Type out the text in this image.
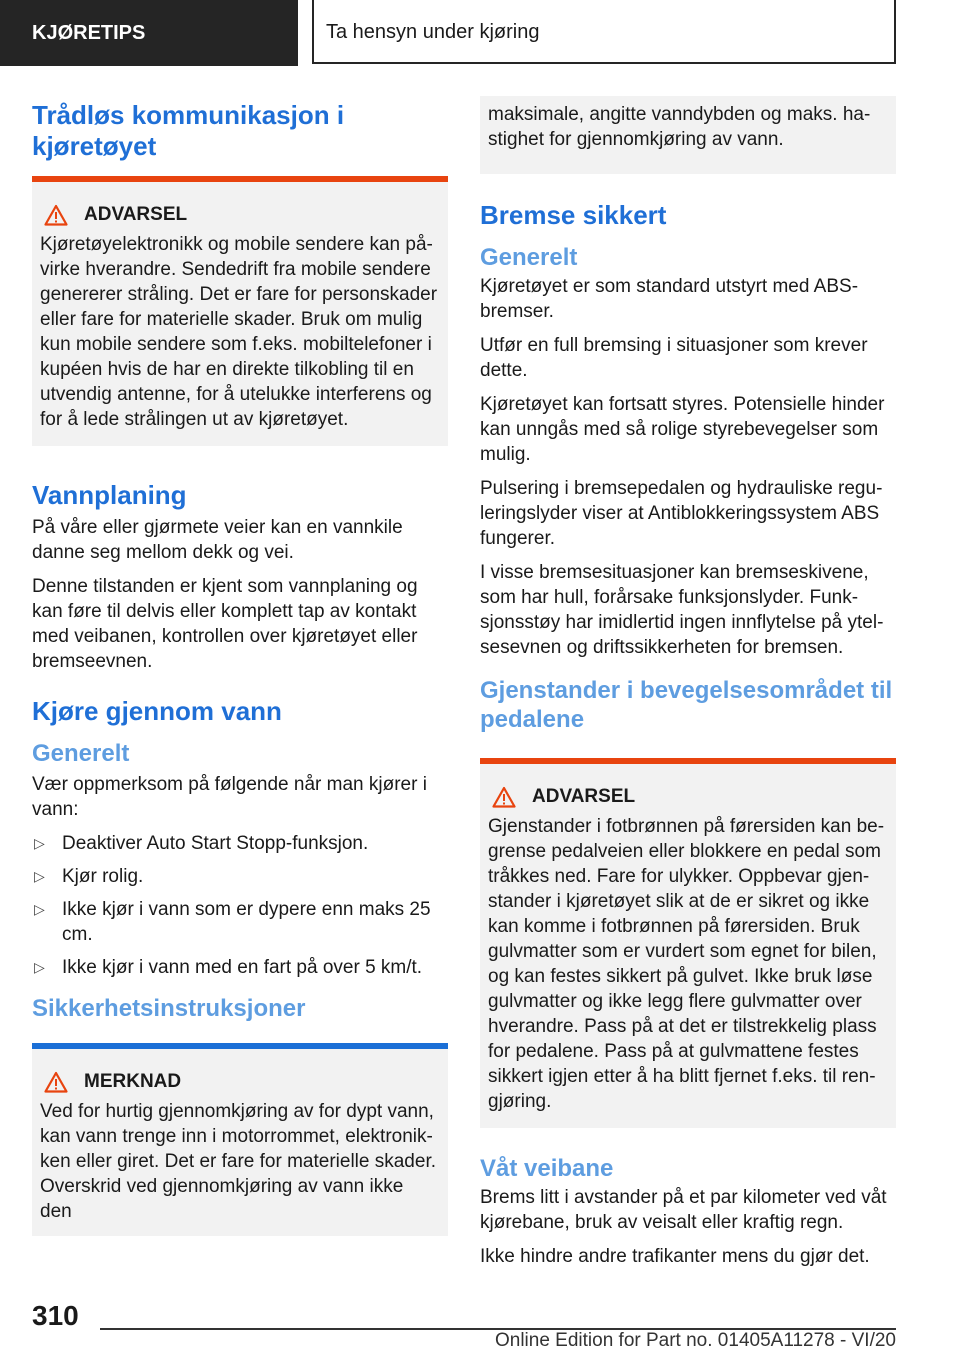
KJØRETIPS	Ta hensyn under kjøring
Trådløs kommunikasjon i kjøretøyet
ADVARSEL

Kjøretøyelektronikk og mobile sendere kan på-virke hverandre. Sendedrift fra mobile sendere genererer stråling. Det er fare for personskader eller fare for materielle skader. Bruk om mulig kun mobile sendere som f.eks. mobiltelefoner i kupéen hvis de har en direkte tilkobling til en utvendig antenne, for å utelukke interferens og for å lede strålingen ut av kjøretøyet.

Vannplaning

På våre eller gjørmete veier kan en vannkile danne seg mellom dekk og vei.

Denne tilstanden er kjent som vannplaning og kan føre til delvis eller komplett tap av kontakt med veibanen, kontrollen over kjøretøyet eller bremseevnen.

Kjøre gjennom vann
Generelt

Vær oppmerksom på følgende når man kjører i vann:

▷ Deaktiver Auto Start Stopp-funksjon.
▷ Kjør rolig.
▷ Ikke kjør i vann som er dypere enn maks 25 cm.
▷ Ikke kjør i vann med en fart på over 5 km/t.
Sikkerhetsinstruksjoner
MERKNAD

Ved for hurtig gjennomkjøring av for dypt vann, kan vann trenge inn i motorrommet, elektronik-ken eller giret. Det er fare for materielle skader. Overskrid ved gjennomkjøring av vann ikke den

maksimale, angitte vanndybden og maks. ha-stighet for gjennomkjøring av vann.

Bremse sikkert
Generelt

Kjøretøyet er som standard utstyrt med ABS-bremser.

Utfør en full bremsing i situasjoner som krever dette.

Kjøretøyet kan fortsatt styres. Potensielle hinder kan unngås med så rolige styrebevegelser som mulig.

Pulsering i bremsepedalen og hydrauliske regu-leringslyder viser at Antiblokkeringssystem ABS fungerer.

I visse bremsesituasjoner kan bremseskivene, som har hull, forårsake funksjonslyder. Funk-sjonsstøy har imidlertid ingen innflytelse på ytel-sesevnen og driftssikkerheten for bremsen.

Gjenstander i bevegelsesområdet til pedalene
ADVARSEL

Gjenstander i fotbrønnen på førersiden kan be-grense pedalveien eller blokkere en pedal som tråkkes ned. Fare for ulykker. Oppbevar gjen-stander i kjøretøyet slik at de er sikret og ikke kan komme i fotbrønnen på førersiden. Bruk gulvmatter som er vurdert som egnet for bilen, og kan festes sikkert på gulvet. Ikke bruk løse gulvmatter og ikke legg flere gulvmatter over hverandre. Pass på at det er tilstrekkelig plass for pedalene. Pass på at gulvmattene festes sikkert igjen etter å ha blitt fjernet f.eks. til ren-gjøring.

Våt veibane

Brems litt i avstander på et par kilometer ved våt kjørebane, bruk av veisalt eller kraftig regn.

Ikke hindre andre trafikanter mens du gjør det.

310
Online Edition for Part no. 01405A11278 - VI/20
